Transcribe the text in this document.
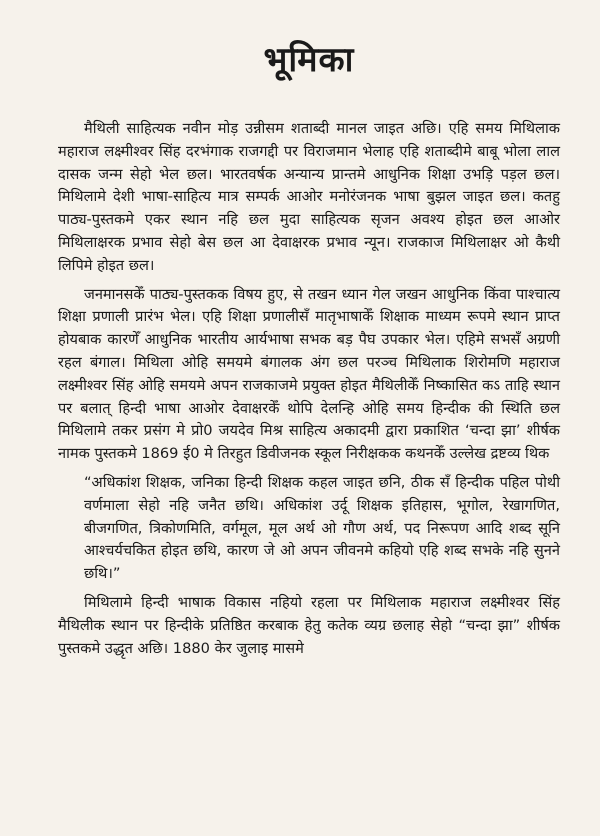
भूमिका

मैथिली साहित्यक नवीन मोड़ उन्नीसम शताब्दी मानल जाइत अछि। एहि समय मिथिलाक महाराज लक्ष्मीश्वर सिंह दरभंगाक राजगद्दी पर विराजमान भेलाह एहि शताब्दीमे बाबू भोला लाल दासक जन्म सेहो भेल छल। भारतवर्षक अन्यान्य प्रान्तमे आधुनिक शिक्षा उभड़ि पड़ल छल। मिथिलामे देशी भाषा-साहित्य मात्र सम्पर्क आओर मनोरंजनक भाषा बुझल जाइत छल। कतहु पाठ्य-पुस्तकमे एकर स्थान नहि छल मुदा साहित्यक सृजन अवश्य होइत छल आओर मिथिलाक्षरक प्रभाव सेहो बेस छल आ देवाक्षरक प्रभाव न्यून। राजकाज मिथिलाक्षर ओ कैथी लिपिमे होइत छल।

जनमानसकेँ पाठ्य-पुस्तकक विषय हुए, से तखन ध्यान गेल जखन आधुनिक किंवा पाश्चात्य शिक्षा प्रणाली प्रारंभ भेल। एहि शिक्षा प्रणालीसँ मातृभाषाकेँ शिक्षाक माध्यम रूपमे स्थान प्राप्त होयबाक कारणेँ आधुनिक भारतीय आर्यभाषा सभक बड़ पैघ उपकार भेल। एहिमे सभसँ अग्रणी रहल बंगाल। मिथिला ओहि समयमे बंगालक अंग छल परञ्च मिथिलाक शिरोमणि महाराज लक्ष्मीश्वर सिंह ओहि समयमे अपन राजकाजमे प्रयुक्त होइत मैथिलीकेँ निष्कासित कऽ ताहि स्थान पर बलात् हिन्दी भाषा आओर देवाक्षरकेँ थोपि देलन्हि ओहि समय हिन्दीक की स्थिति छल मिथिलामे तकर प्रसंग मे प्रो0 जयदेव मिश्र साहित्य अकादमी द्वारा प्रकाशित ‘चन्दा झा’ शीर्षक नामक पुस्तकमे 1869 ई0 मे तिरहुत डिवीजनक स्कूल निरीक्षकक कथनकेँ उल्लेख द्रष्टव्य थिक

“अधिकांश शिक्षक, जनिका हिन्दी शिक्षक कहल जाइत छनि, ठीक सँ हिन्दीक पहिल पोथी वर्णमाला सेहो नहि जनैत छथि। अधिकांश उर्दू शिक्षक इतिहास, भूगोल, रेखागणित, बीजगणित, त्रिकोणमिति, वर्गमूल, मूल अर्थ ओ गौण अर्थ, पद निरूपण आदि शब्द सूनि आश्चर्यचकित होइत छथि, कारण जे ओ अपन जीवनमे कहियो एहि शब्द सभके नहि सुनने छथि।”

मिथिलामे हिन्दी भाषाक विकास नहियो रहला पर मिथिलाक महाराज लक्ष्मीश्वर सिंह मैथिलीक स्थान पर हिन्दीके प्रतिष्ठित करबाक हेतु कतेक व्यग्र छलाह सेहो “चन्दा झा” शीर्षक पुस्तकमे उद्धृत अछि। 1880 केर जुलाइ मासमे
